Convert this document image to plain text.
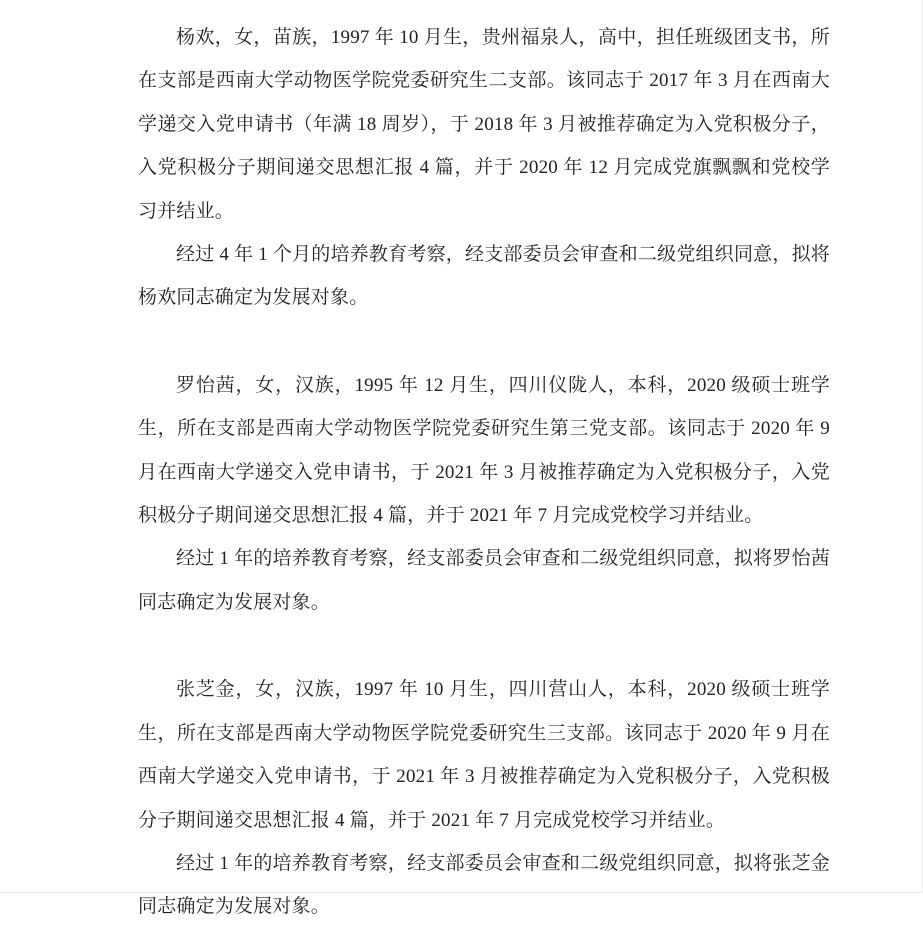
杨欢，女，苗族，1997 年 10 月生，贵州福泉人，高中，担任班级团支书，所在支部是西南大学动物医学院党委研究生二支部。该同志于 2017 年 3 月在西南大学递交入党申请书（年满 18 周岁），于 2018 年 3 月被推荐确定为入党积极分子，入党积极分子期间递交思想汇报 4 篇，并于 2020 年 12 月完成党旗飘飘和党校学习并结业。

经过 4 年 1 个月的培养教育考察，经支部委员会审查和二级党组织同意，拟将杨欢同志确定为发展对象。

罗怡茜，女，汉族，1995 年 12 月生，四川仪陇人，本科，2020 级硕士班学生，所在支部是西南大学动物医学院党委研究生第三党支部。该同志于 2020 年 9 月在西南大学递交入党申请书，于 2021 年 3 月被推荐确定为入党积极分子，入党积极分子期间递交思想汇报 4 篇，并于 2021 年 7 月完成党校学习并结业。

经过 1 年的培养教育考察，经支部委员会审查和二级党组织同意，拟将罗怡茜同志确定为发展对象。

张芝金，女，汉族，1997 年 10 月生，四川营山人，本科，2020 级硕士班学生，所在支部是西南大学动物医学院党委研究生三支部。该同志于 2020 年 9 月在西南大学递交入党申请书，于 2021 年 3 月被推荐确定为入党积极分子，入党积极分子期间递交思想汇报 4 篇，并于 2021 年 7 月完成党校学习并结业。

经过 1 年的培养教育考察，经支部委员会审查和二级党组织同意，拟将张芝金同志确定为发展对象。
